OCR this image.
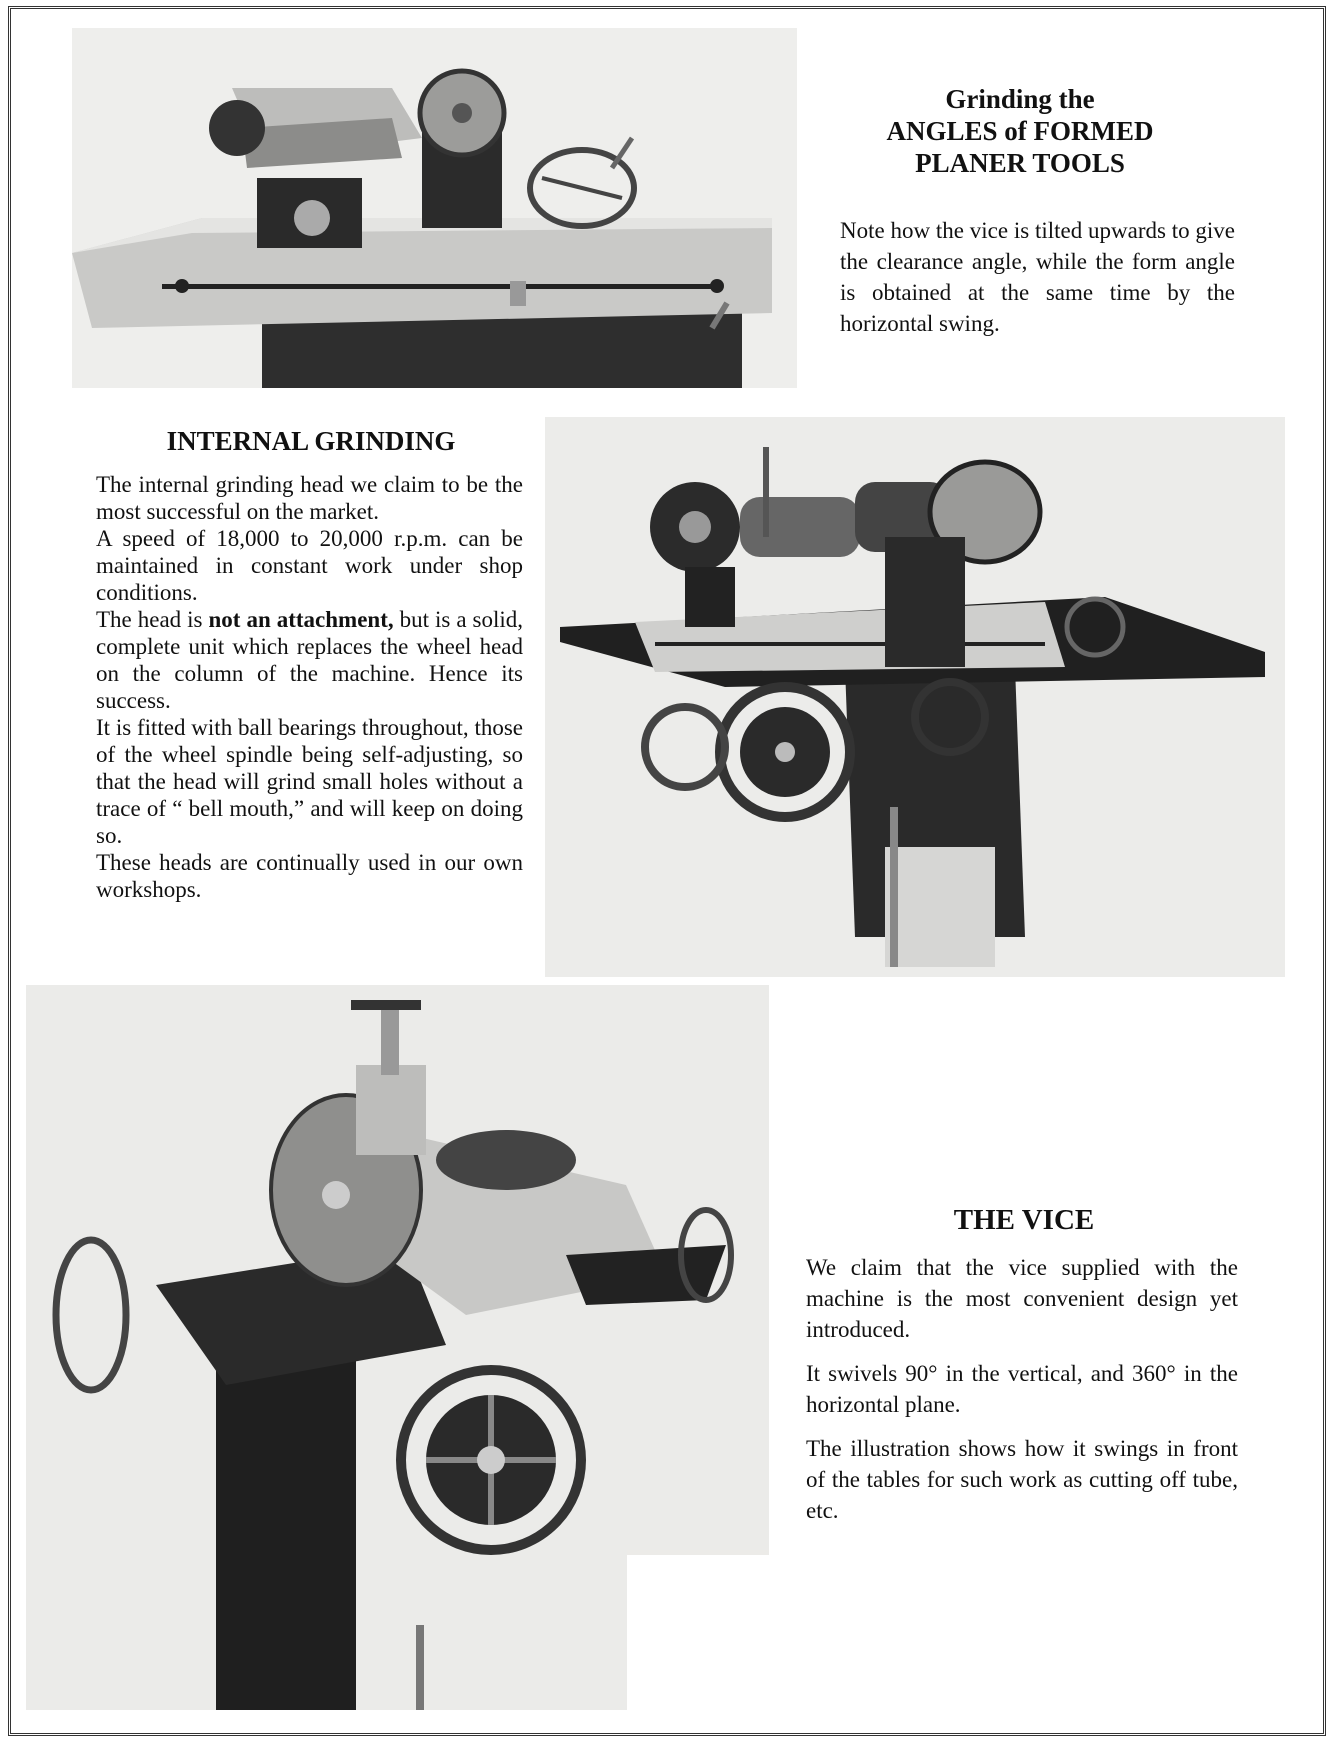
Grinding the
ANGLES of FORMED
PLANER TOOLS

Note how the vice is tilted upwards to give the clearance angle, while the form angle is obtained at the same time by the horizontal swing.

INTERNAL GRINDING

The internal grinding head we claim to be the most successful on the market.

A speed of 18,000 to 20,000 r.p.m. can be maintained in constant work under shop conditions.

The head is not an attachment, but is a solid, complete unit which replaces the wheel head on the column of the machine. Hence its success.

It is fitted with ball bearings throughout, those of the wheel spindle being self-adjusting, so that the head will grind small holes without a trace of “ bell mouth,” and will keep on doing so.

These heads are continually used in our own workshops.

THE VICE

We claim that the vice supplied with the machine is the most convenient design yet introduced.

It swivels 90° in the vertical, and 360° in the horizontal plane.

The illustration shows how it swings in front of the tables for such work as cutting off tube, etc.
